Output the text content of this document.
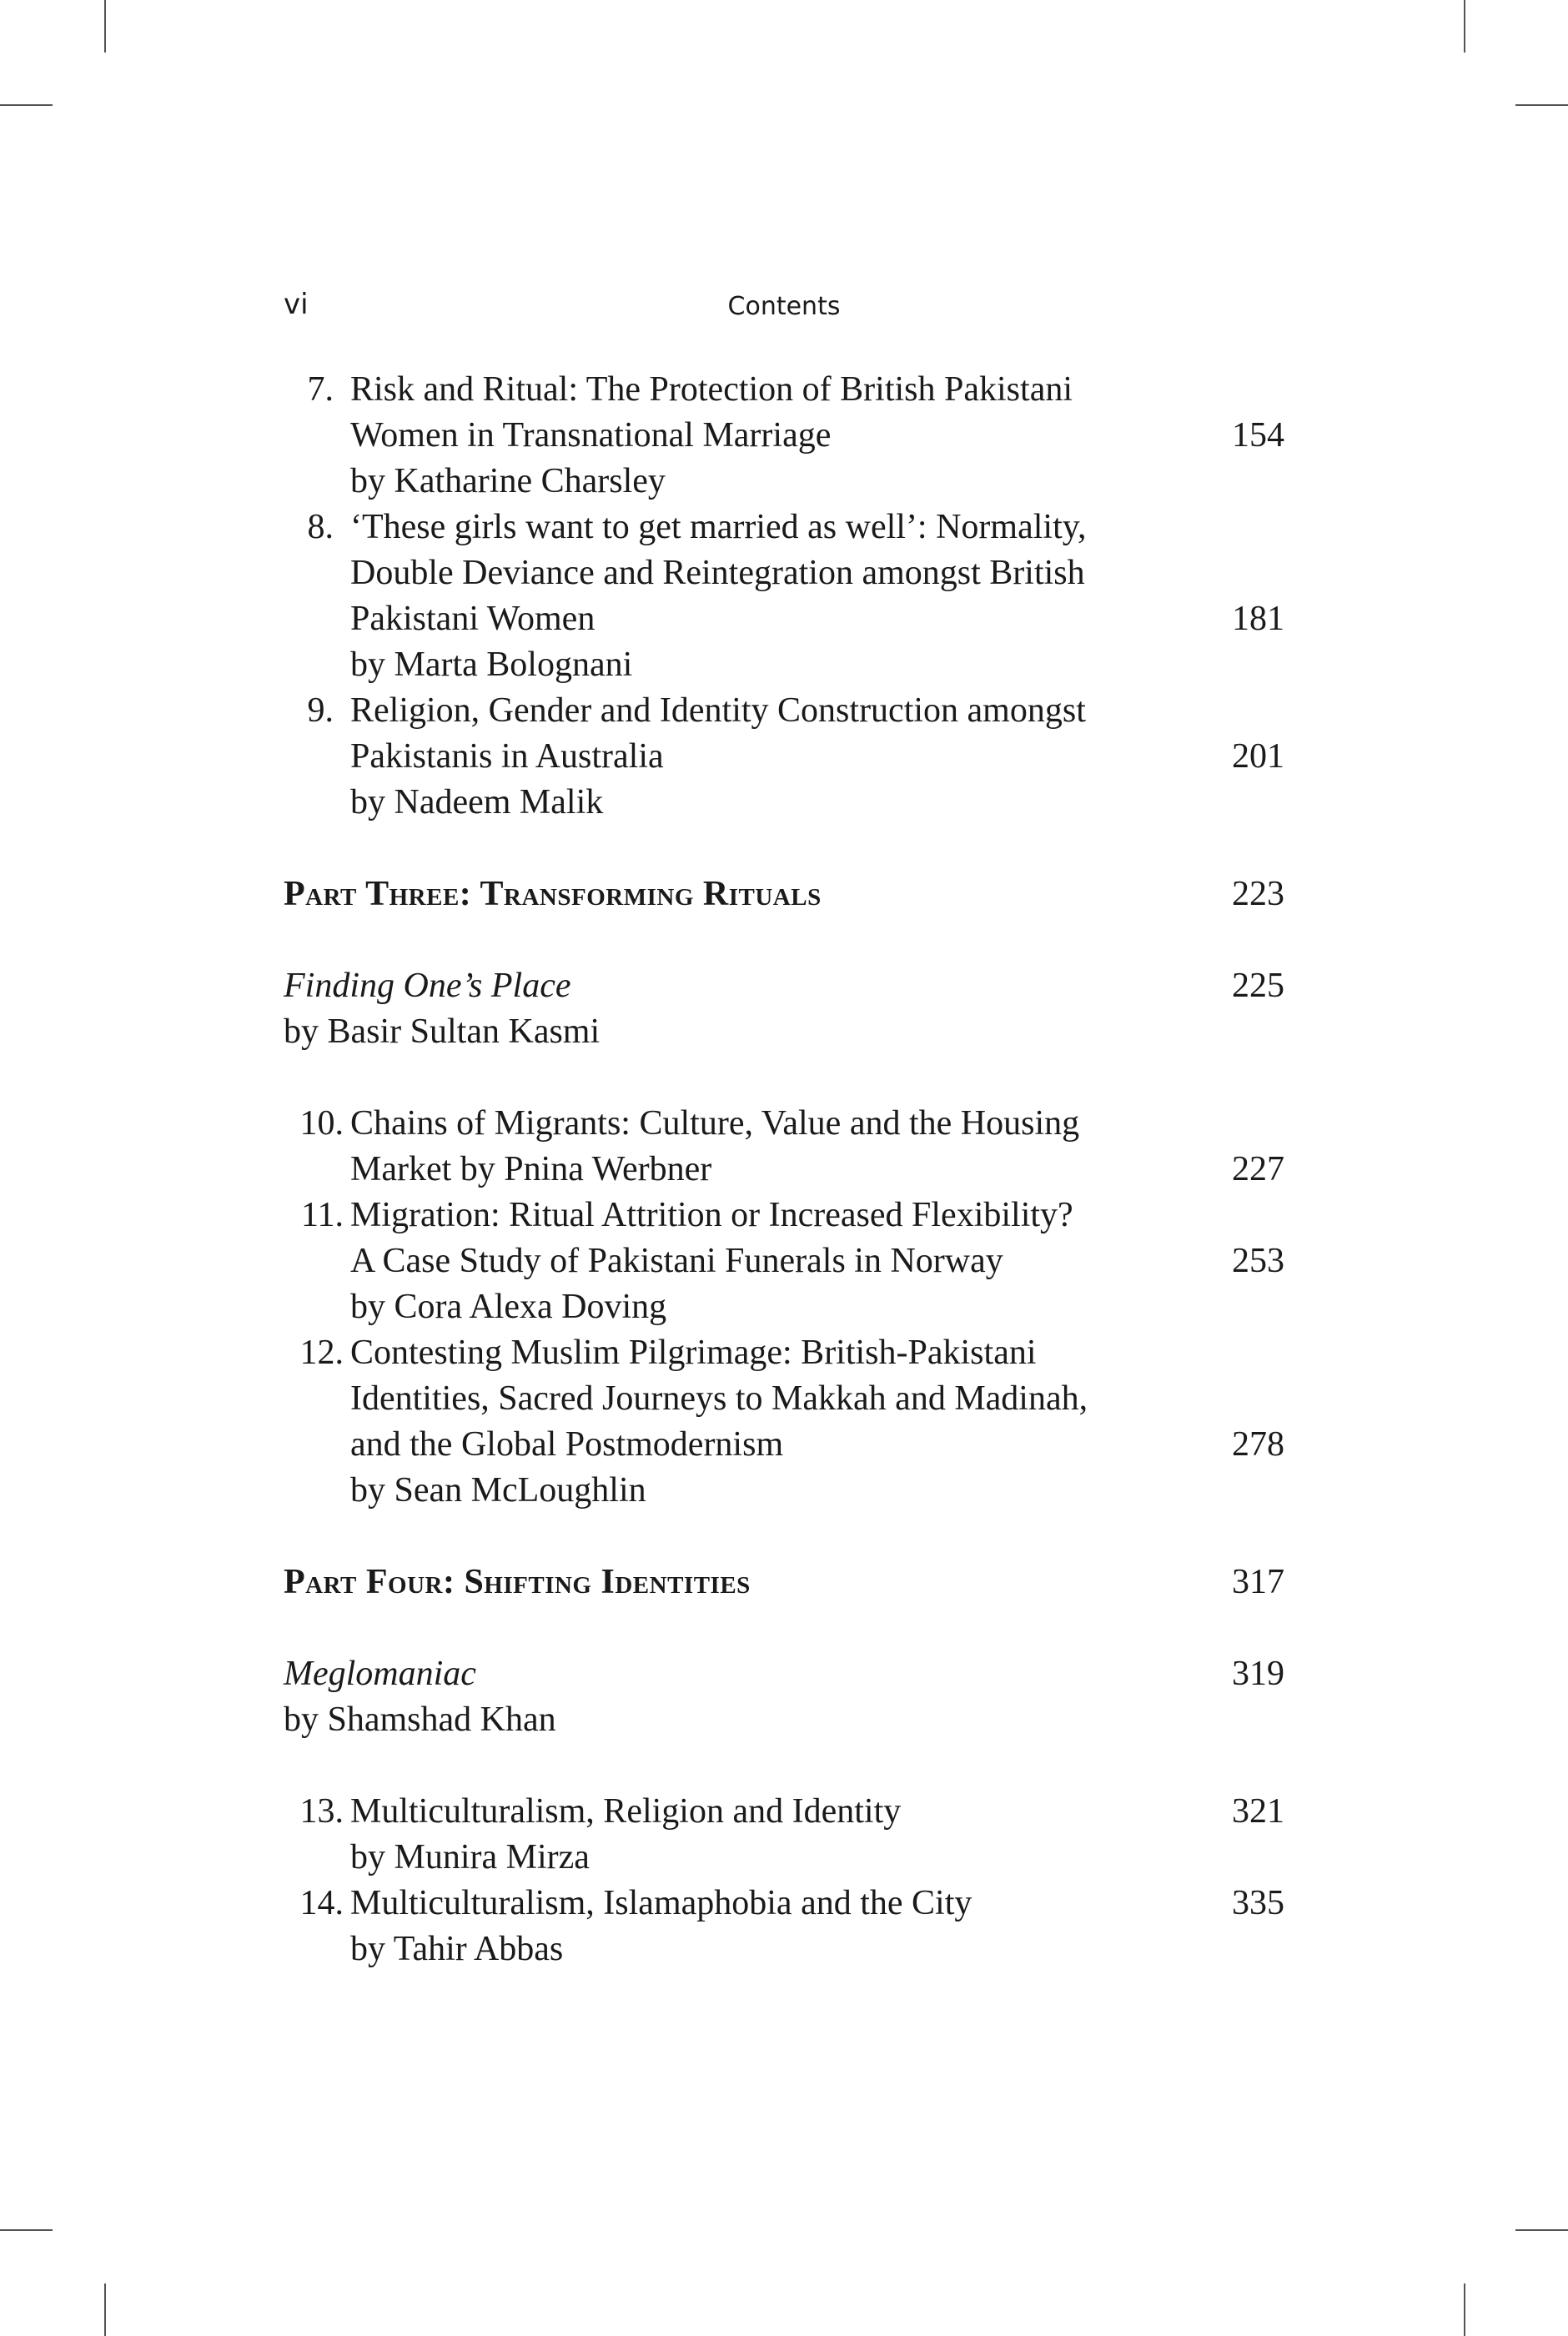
vi	Contents
7. Risk and Ritual: The Protection of British Pakistani
Women in Transnational Marriage	154
by Katharine Charsley
8. ‘These girls want to get married as well’: Normality,
Double Deviance and Reintegration amongst British
Pakistani Women	181
by Marta Bolognani
9. Religion, Gender and Identity Construction amongst
Pakistanis in Australia	201
by Nadeem Malik
Part Three: Transforming Rituals	223
Finding One’s Place	225
by Basir Sultan Kasmi
10. Chains of Migrants: Culture, Value and the Housing
Market by Pnina Werbner	227
11. Migration: Ritual Attrition or Increased Flexibility?
A Case Study of Pakistani Funerals in Norway	253
by Cora Alexa Doving
12. Contesting Muslim Pilgrimage: British-Pakistani
Identities, Sacred Journeys to Makkah and Madinah,
and the Global Postmodernism	278
by Sean McLoughlin
Part Four: Shifting Identities	317
Meglomaniac	319
by Shamshad Khan
13. Multiculturalism, Religion and Identity	321
by Munira Mirza
14. Multiculturalism, Islamaphobia and the City	335
by Tahir Abbas
